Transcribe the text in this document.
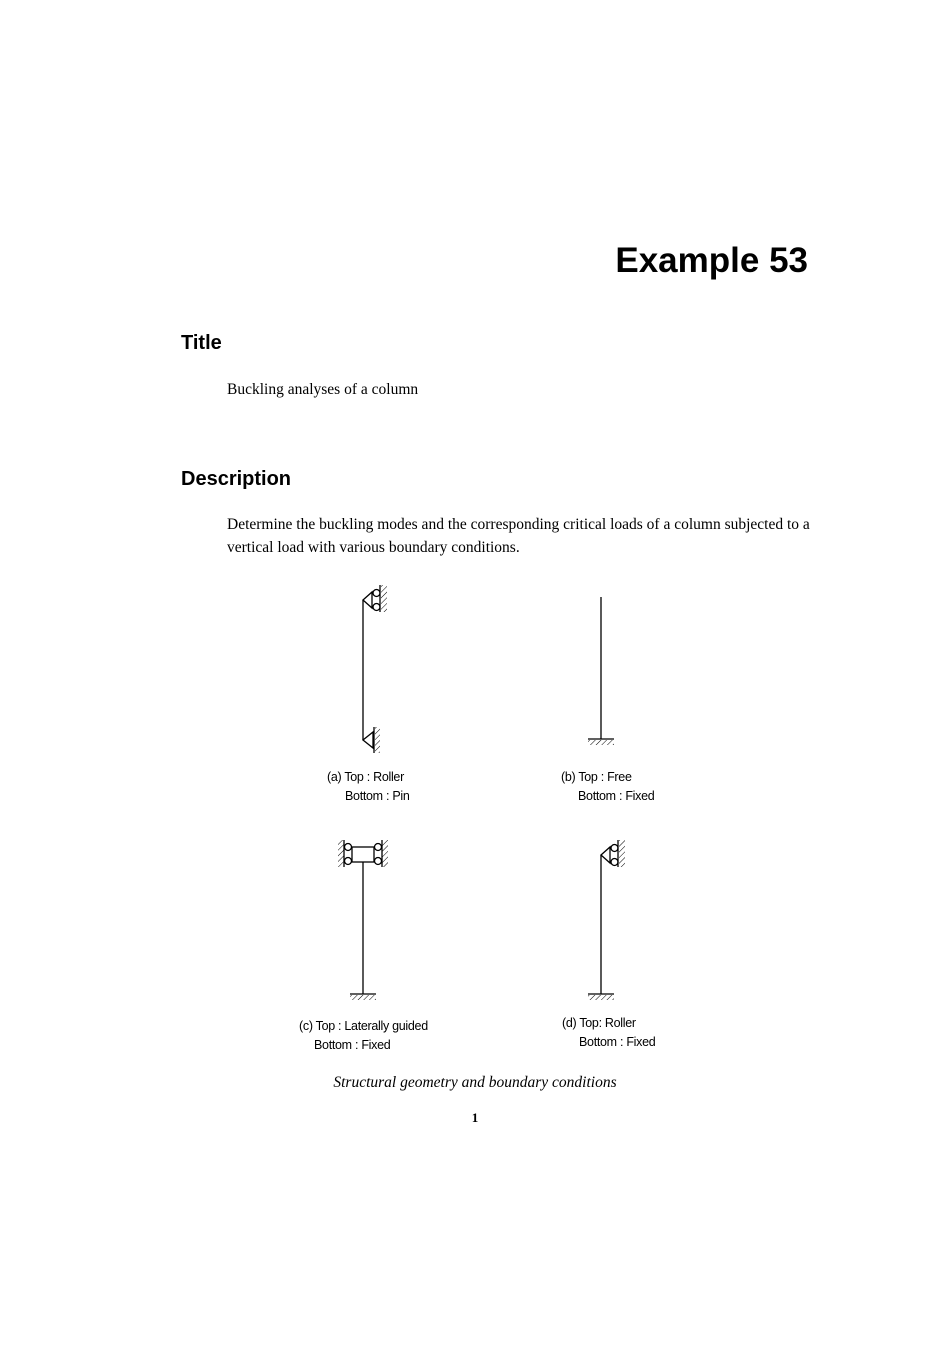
Example 53
Title

Buckling analyses of a column

Description

Determine the buckling modes and the corresponding critical loads of a column subjected to a vertical load with various boundary conditions.

(a) Top : Roller
Bottom : Pin
(b) Top : Free
Bottom : Fixed
(c) Top : Laterally guided
Bottom : Fixed
(d) Top: Roller
Bottom : Fixed
Structural geometry and boundary conditions
1
